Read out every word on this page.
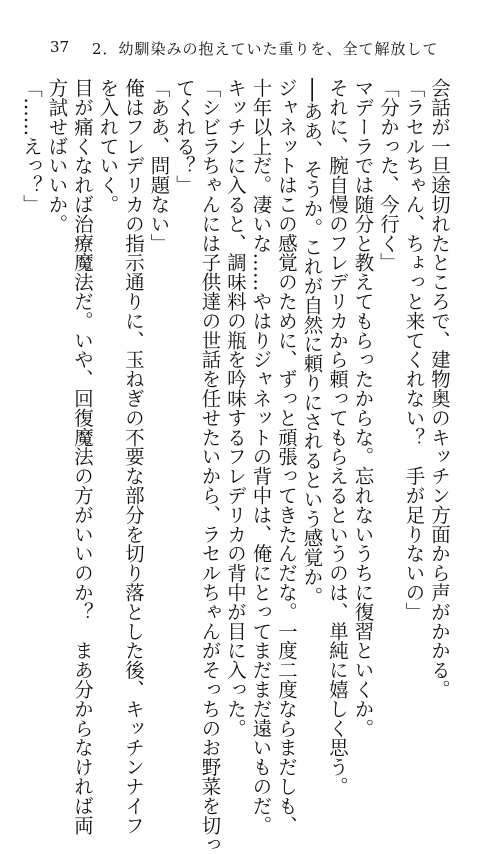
37 2．幼馴染みの抱えていた重りを、全て解放して
会話が一旦途切れたところで、建物奥のキッチン方面から声がかかる。
「ラセルちゃん、ちょっと来てくれない？　手が足りないの」
「分かった、今行く」
マデーラでは随分と教えてもらったからな。忘れないうちに復習といくか。
それに、腕自慢のフレデリカから頼ってもらえるというのは、単純に嬉しく思う。
──ああ、そうか。これが自然に頼りにされるという感覚か。
ジャネットはこの感覚のために、ずっと頑張ってきたんだな。一度二度ならまだしも、
十年以上だ。凄いな……やはりジャネットの背中は、俺にとってまだまだ遠いものだ。
キッチンに入ると、調味料の瓶を吟味するフレデリカの背中が目に入った。
「シビラちゃんには子供達の世話を任せたいから、ラセルちゃんがそっちのお野菜を切っ
てくれる？」
「ああ、問題ない」
俺はフレデリカの指示通りに、玉ねぎの不要な部分を切り落とした後、キッチンナイフ
を入れていく。
目が痛くなれば治療魔法だ。いや、回復魔法の方がいいのか？　まあ分からなければ両
方試せばいいか。
「……えっ？」
